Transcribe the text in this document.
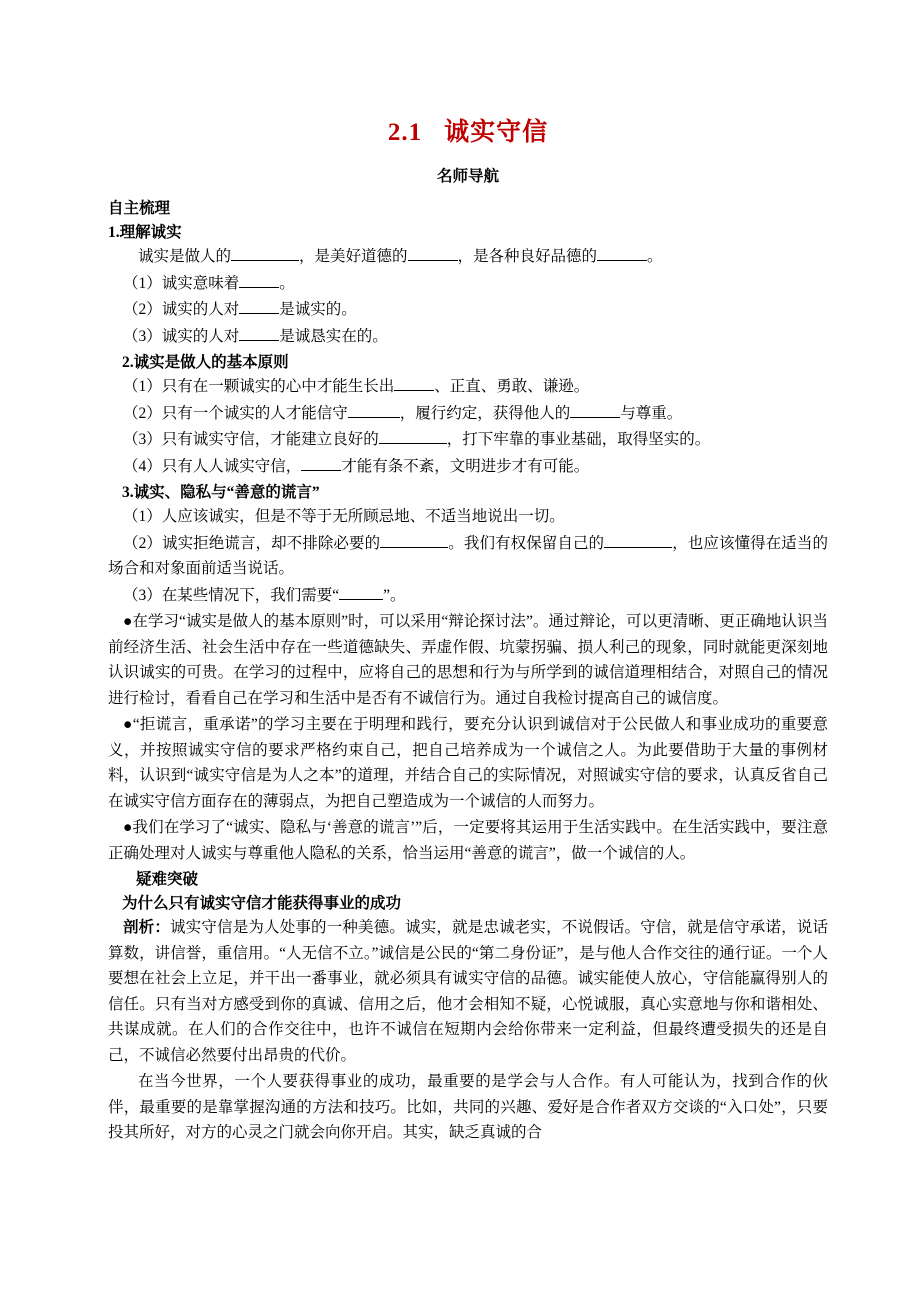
2.1 诚实守信
名师导航
自主梳理
1.理解诚实

诚实是做人的	，是美好道德的	，是各种良好品德的	。

（1）诚实意味着	。

（2）诚实的人对	是诚实的。

（3）诚实的人对	是诚恳实在的。

2.诚实是做人的基本原则

（1）只有在一颗诚实的心中才能生长出	、正直、勇敢、谦逊。

（2）只有一个诚实的人才能信守	，履行约定，获得他人的	与尊重。

（3）只有诚实守信，才能建立良好的	，打下牢靠的事业基础，取得坚实的。

（4）只有人人诚实守信，	才能有条不紊，文明进步才有可能。

3.诚实、隐私与“善意的谎言”

（1）人应该诚实，但是不等于无所顾忌地、不适当地说出一切。

（2）诚实拒绝谎言，却不排除必要的	。我们有权保留自己的	，也应该懂得在适当的场合和对象面前适当说话。

（3）在某些情况下，我们需要“	”。

●在学习“诚实是做人的基本原则”时，可以采用“辩论探讨法”。通过辩论，可以更清晰、更正确地认识当前经济生活、社会生活中存在一些道德缺失、弄虚作假、坑蒙拐骗、损人利己的现象，同时就能更深刻地认识诚实的可贵。在学习的过程中，应将自己的思想和行为与所学到的诚信道理相结合，对照自己的情况进行检讨，看看自己在学习和生活中是否有不诚信行为。通过自我检讨提高自己的诚信度。

●“拒谎言，重承诺”的学习主要在于明理和践行，要充分认识到诚信对于公民做人和事业成功的重要意义，并按照诚实守信的要求严格约束自己，把自己培养成为一个诚信之人。为此要借助于大量的事例材料，认识到“诚实守信是为人之本”的道理，并结合自己的实际情况，对照诚实守信的要求，认真反省自己在诚实守信方面存在的薄弱点，为把自己塑造成为一个诚信的人而努力。

●我们在学习了“诚实、隐私与‘善意的谎言’”后，一定要将其运用于生活实践中。在生活实践中，要注意正确处理对人诚实与尊重他人隐私的关系，恰当运用“善意的谎言”，做一个诚信的人。

疑难突破
为什么只有诚实守信才能获得事业的成功

剖析：诚实守信是为人处事的一种美德。诚实，就是忠诚老实，不说假话。守信，就是信守承诺，说话算数，讲信誉，重信用。“人无信不立。”诚信是公民的“第二身份证”，是与他人合作交往的通行证。一个人要想在社会上立足，并干出一番事业，就必须具有诚实守信的品德。诚实能使人放心，守信能赢得别人的信任。只有当对方感受到你的真诚、信用之后，他才会相知不疑，心悦诚服，真心实意地与你和谐相处、共谋成就。在人们的合作交往中，也许不诚信在短期内会给你带来一定利益，但最终遭受损失的还是自己，不诚信必然要付出昂贵的代价。

在当今世界，一个人要获得事业的成功，最重要的是学会与人合作。有人可能认为，找到合作的伙伴，最重要的是靠掌握沟通的方法和技巧。比如，共同的兴趣、爱好是合作者双方交谈的“入口处”，只要投其所好，对方的心灵之门就会向你开启。其实，缺乏真诚的合
